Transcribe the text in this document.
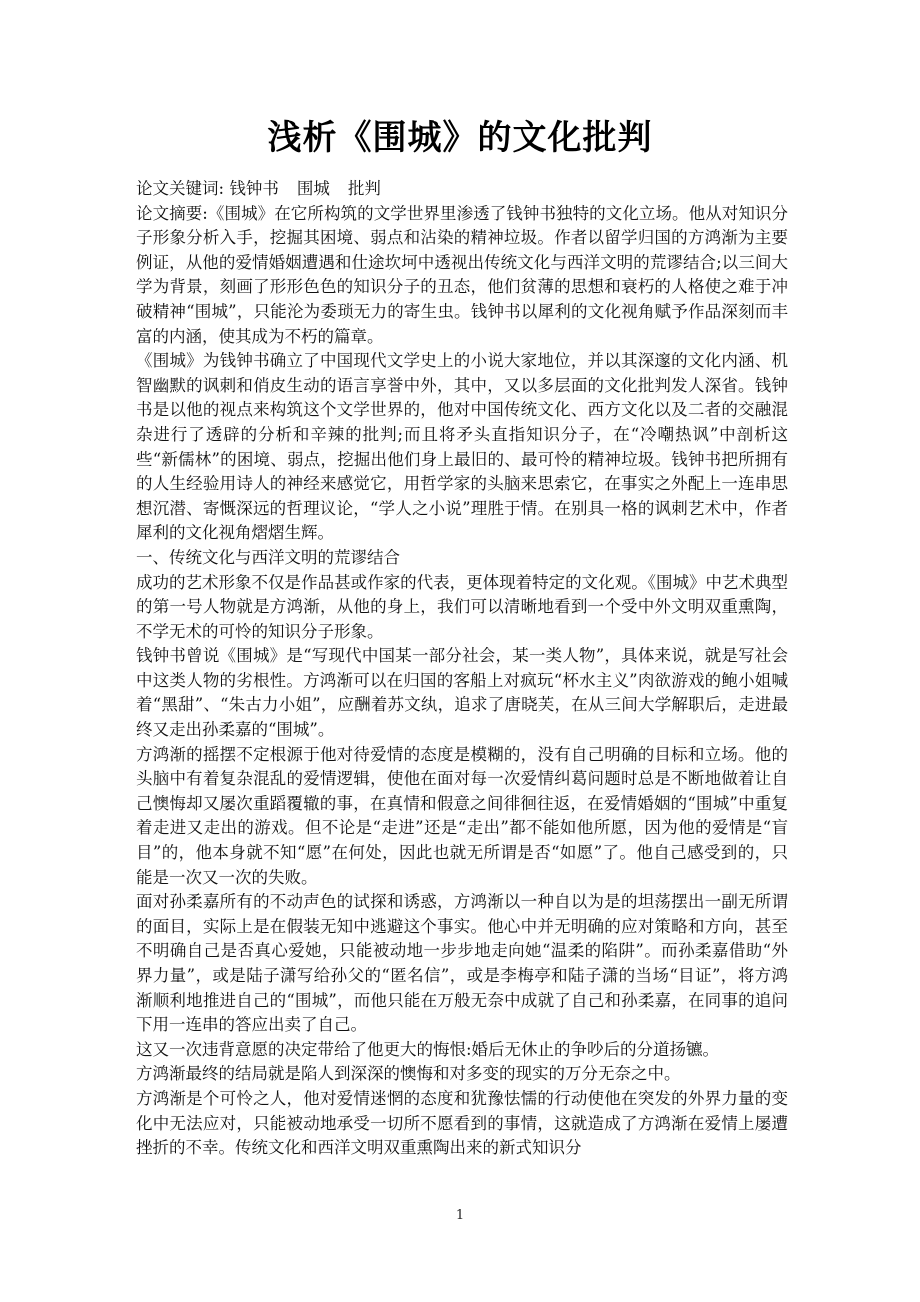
浅析《围城》的文化批判

论文关键词: 钱钟书 围城 批判

论文摘要:《围城》在它所构筑的文学世界里渗透了钱钟书独特的文化立场。他从对知识分子形象分析入手，挖掘其困境、弱点和沾染的精神垃圾。作者以留学归国的方鸿渐为主要例证，从他的爱情婚姻遭遇和仕途坎坷中透视出传统文化与西洋文明的荒谬结合;以三间大学为背景，刻画了形形色色的知识分子的丑态，他们贫薄的思想和衰朽的人格使之难于冲破精神“围城”，只能沦为委琐无力的寄生虫。钱钟书以犀利的文化视角赋予作品深刻而丰富的内涵，使其成为不朽的篇章。

《围城》为钱钟书确立了中国现代文学史上的小说大家地位，并以其深邃的文化内涵、机智幽默的讽刺和俏皮生动的语言享誉中外，其中，又以多层面的文化批判发人深省。钱钟书是以他的视点来构筑这个文学世界的，他对中国传统文化、西方文化以及二者的交融混杂进行了透辟的分析和辛辣的批判;而且将矛头直指知识分子，在“冷嘲热讽”中剖析这些“新儒林”的困境、弱点，挖掘出他们身上最旧的、最可怜的精神垃圾。钱钟书把所拥有的人生经验用诗人的神经来感觉它，用哲学家的头脑来思索它，在事实之外配上一连串思想沉潜、寄慨深远的哲理议论，“学人之小说”理胜于情。在别具一格的讽刺艺术中，作者犀利的文化视角熠熠生辉。

一、传统文化与西洋文明的荒谬结合

成功的艺术形象不仅是作品甚或作家的代表，更体现着特定的文化观。《围城》中艺术典型的第一号人物就是方鸿渐，从他的身上，我们可以清晰地看到一个受中外文明双重熏陶，不学无术的可怜的知识分子形象。

钱钟书曾说《围城》是“写现代中国某一部分社会，某一类人物”，具体来说，就是写社会中这类人物的劣根性。方鸿渐可以在归国的客船上对疯玩“杯水主义”肉欲游戏的鲍小姐喊着“黑甜”、“朱古力小姐”，应酬着苏文纨，追求了唐晓芙，在从三间大学解职后，走进最终又走出孙柔嘉的“围城”。

方鸿渐的摇摆不定根源于他对待爱情的态度是模糊的，没有自己明确的目标和立场。他的头脑中有着复杂混乱的爱情逻辑，使他在面对每一次爱情纠葛问题时总是不断地做着让自己懊悔却又屡次重蹈覆辙的事，在真情和假意之间徘徊往返，在爱情婚姻的“围城”中重复着走进又走出的游戏。但不论是“走进”还是“走出”都不能如他所愿，因为他的爱情是“盲目”的，他本身就不知“愿”在何处，因此也就无所谓是否“如愿”了。他自己感受到的，只能是一次又一次的失败。

面对孙柔嘉所有的不动声色的试探和诱惑，方鸿渐以一种自以为是的坦荡摆出一副无所谓的面目，实际上是在假装无知中逃避这个事实。他心中并无明确的应对策略和方向，甚至不明确自己是否真心爱她，只能被动地一步步地走向她“温柔的陷阱”。而孙柔嘉借助“外界力量”，或是陆子潇写给孙父的“匿名信”，或是李梅亭和陆子潇的当场“目证”，将方鸿渐顺利地推进自己的“围城”，而他只能在万般无奈中成就了自己和孙柔嘉，在同事的追问下用一连串的答应出卖了自己。

这又一次违背意愿的决定带给了他更大的悔恨:婚后无休止的争吵后的分道扬镳。

方鸿渐最终的结局就是陷人到深深的懊悔和对多变的现实的万分无奈之中。

方鸿渐是个可怜之人，他对爱情迷惘的态度和犹豫怯懦的行动使他在突发的外界力量的变化中无法应对，只能被动地承受一切所不愿看到的事情，这就造成了方鸿渐在爱情上屡遭挫折的不幸。传统文化和西洋文明双重熏陶出来的新式知识分

1
